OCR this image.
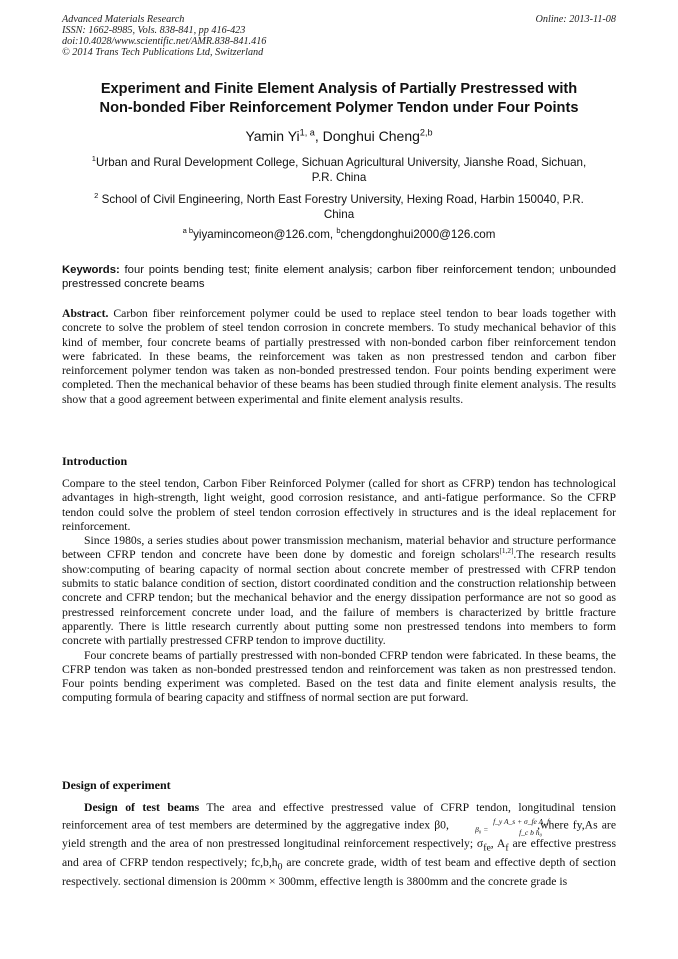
Advanced Materials Research
ISSN: 1662-8985, Vols. 838-841, pp 416-423
doi:10.4028/www.scientific.net/AMR.838-841.416
© 2014 Trans Tech Publications Ltd, Switzerland
Online: 2013-11-08
Experiment and Finite Element Analysis of Partially Prestressed with
Non-bonded Fiber Reinforcement Polymer Tendon under Four Points
Yamin Yi$^{1, a}$, Donghui Cheng$^{2,b}$
$^1$Urban and Rural Development College, Sichuan Agricultural University, Jianshe Road, Sichuan,
P.R. China
$^2$ School of Civil Engineering, North East Forestry University, Hexing Road, Harbin 150040, P.R.
China
$^{a b}$yiyamincomeon@126.com, $^b$chengdonghui2000@126.com
Keywords: four points bending test; finite element analysis; carbon fiber reinforcement tendon; unbounded prestressed concrete beams

Abstract. Carbon fiber reinforcement polymer could be used to replace steel tendon to bear loads together with concrete to solve the problem of steel tendon corrosion in concrete members. To study mechanical behavior of this kind of member, four concrete beams of partially prestressed with non-bonded carbon fiber reinforcement tendon were fabricated. In these beams, the reinforcement was taken as non prestressed tendon and carbon fiber reinforcement polymer tendon was taken as non-bonded prestressed tendon. Four points bending experiment were completed. Then the mechanical behavior of these beams has been studied through finite element analysis. The results show that a good agreement between experimental and finite element analysis results.

Introduction

Compare to the steel tendon, Carbon Fiber Reinforced Polymer (called for short as CFRP) tendon has technological advantages in high-strength, light weight, good corrosion resistance, and anti-fatigue performance. So the CFRP tendon could solve the problem of steel tendon corrosion effectively in structures and is the ideal replacement for reinforcement.

Since 1980s, a series studies about power transmission mechanism, material behavior and structure performance between CFRP tendon and concrete have been done by domestic and foreign scholars[1,2].The research results show:computing of bearing capacity of normal section about concrete member of prestressed with CFRP tendon submits to static balance condition of section, distort coordinated condition and the construction relationship between concrete and CFRP tendon; but the mechanical behavior and the energy dissipation performance are not so good as prestressed reinforcement concrete under load, and the failure of members is characterized by brittle fracture apparently. There is little research currently about putting some non prestressed tendons into members to form concrete with partially prestressed CFRP tendon to improve ductility.

Four concrete beams of partially prestressed with non-bonded CFRP tendon were fabricated. In these beams, the CFRP tendon was taken as non-bonded prestressed tendon and reinforcement was taken as non prestressed tendon. Four points bending experiment was completed. Based on the test data and finite element analysis results, the computing formula of bearing capacity and stiffness of normal section are put forward.

Design of experiment

Design of test beams The area and effective prestressed value of CFRP tendon, longitudinal tension reinforcement area of test members are determined by the aggregative index β0,	β₀ =
f_y A_s + σ_fe A_f
f_c b h₀
,where fy,As are yield strength and the area of non prestressed longitudinal reinforcement respectively; $\sigma_{fe}$, $A_f$ are effective prestress and area of CFRP tendon respectively; $fc,b,h_0$ are concrete grade, width of test beam and effective depth of section respectively. sectional dimension is 200mm × 300mm, effective length is 3800mm and the concrete grade is
